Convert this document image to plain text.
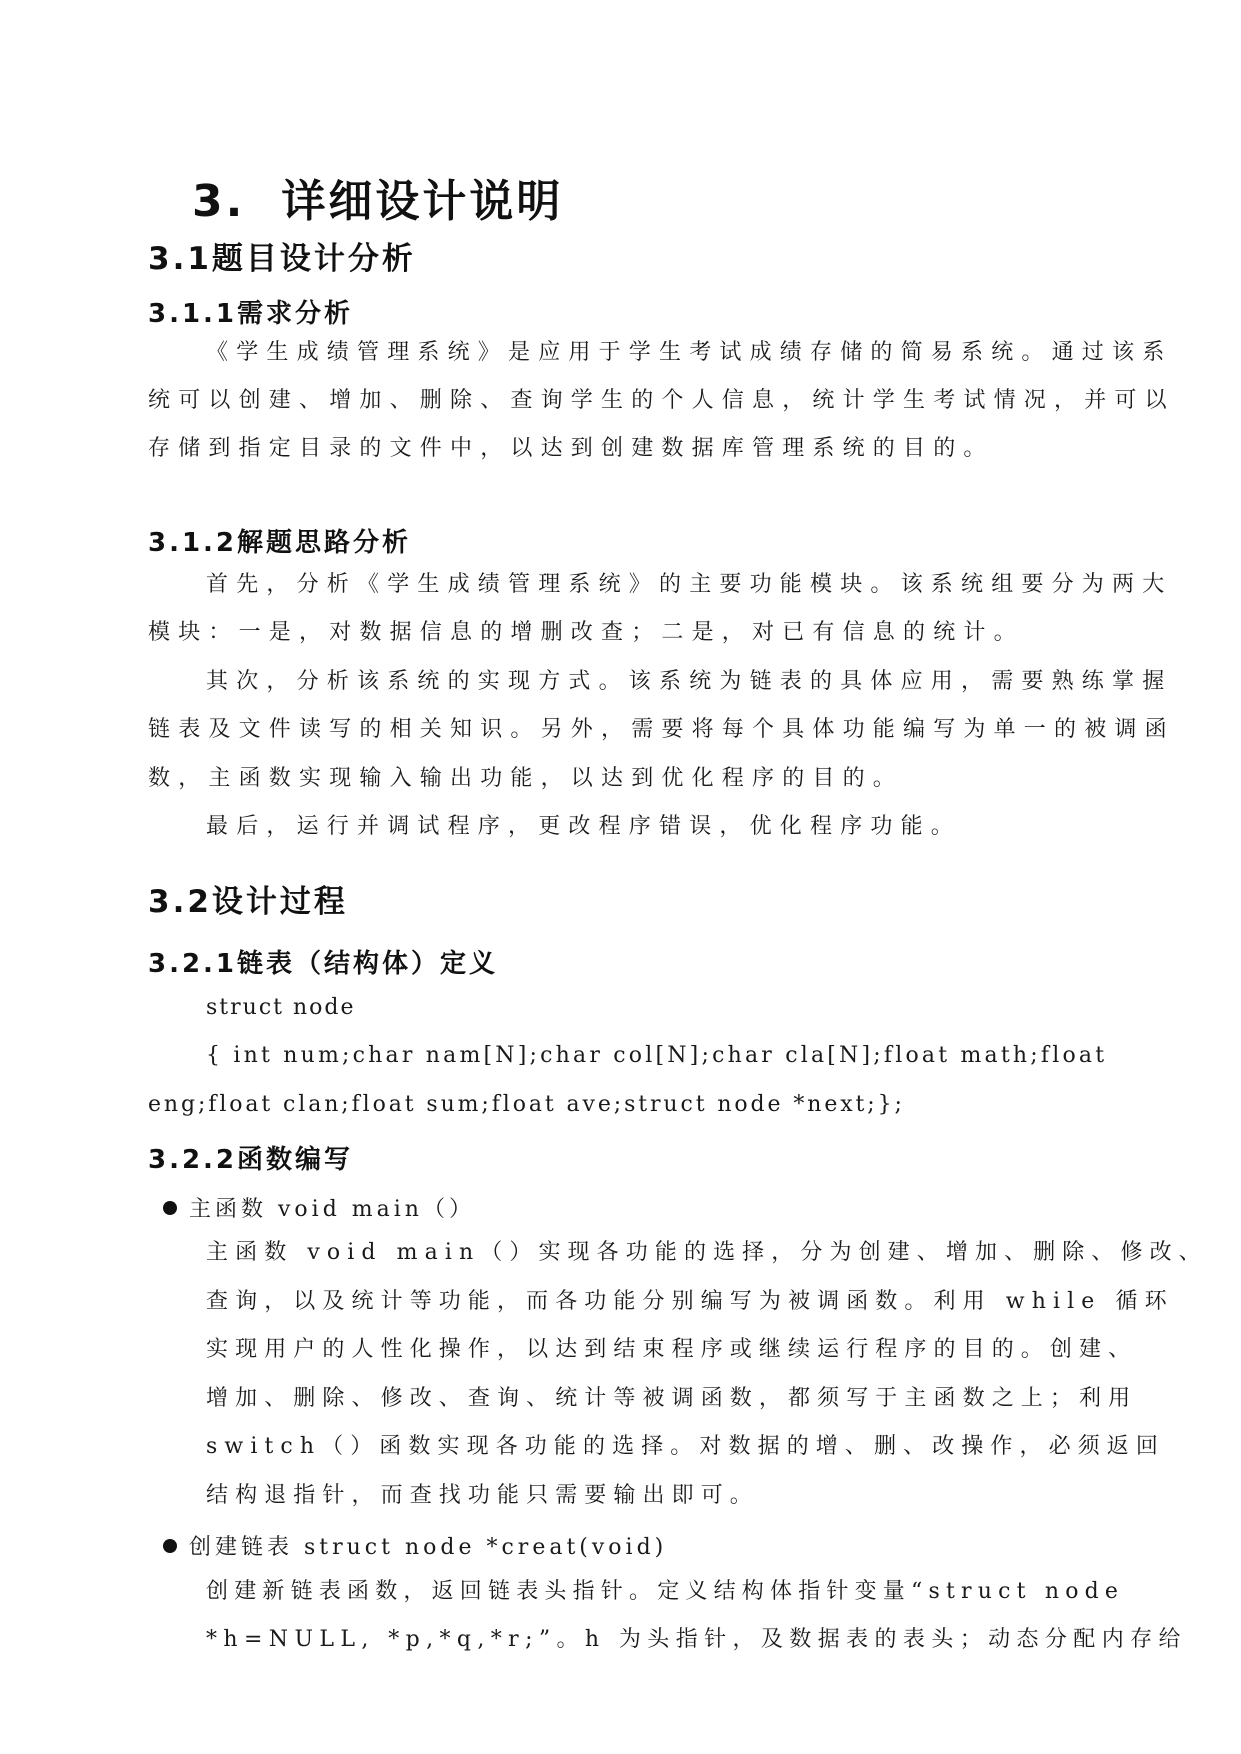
3. 详细设计说明
3.1题目设计分析
3.1.1需求分析
《学生成绩管理系统》是应用于学生考试成绩存储的简易系统。通过该系
统可以创建、增加、删除、查询学生的个人信息，统计学生考试情况，并可以
存储到指定目录的文件中，以达到创建数据库管理系统的目的。
3.1.2解题思路分析
首先，分析《学生成绩管理系统》的主要功能模块。该系统组要分为两大
模块：一是，对数据信息的增删改查；二是，对已有信息的统计。
其次，分析该系统的实现方式。该系统为链表的具体应用，需要熟练掌握
链表及文件读写的相关知识。另外，需要将每个具体功能编写为单一的被调函
数，主函数实现输入输出功能，以达到优化程序的目的。
最后，运行并调试程序，更改程序错误，优化程序功能。
3.2设计过程
3.2.1链表（结构体）定义
struct node
{ int num;char nam[N];char col[N];char cla[N];float math;float
eng;float clan;float sum;float ave;struct node *next;};
3.2.2函数编写
主函数 void main（）
主函数 void main（）实现各功能的选择，分为创建、增加、删除、修改、
查询，以及统计等功能，而各功能分别编写为被调函数。利用 while 循环
实现用户的人性化操作，以达到结束程序或继续运行程序的目的。创建、
增加、删除、修改、查询、统计等被调函数，都须写于主函数之上；利用
switch（）函数实现各功能的选择。对数据的增、删、改操作，必须返回
结构退指针，而查找功能只需要输出即可。
创建链表 struct node *creat(void)
创建新链表函数，返回链表头指针。定义结构体指针变量“struct node
*h=NULL, *p,*q,*r;”。h 为头指针，及数据表的表头；动态分配内存给
